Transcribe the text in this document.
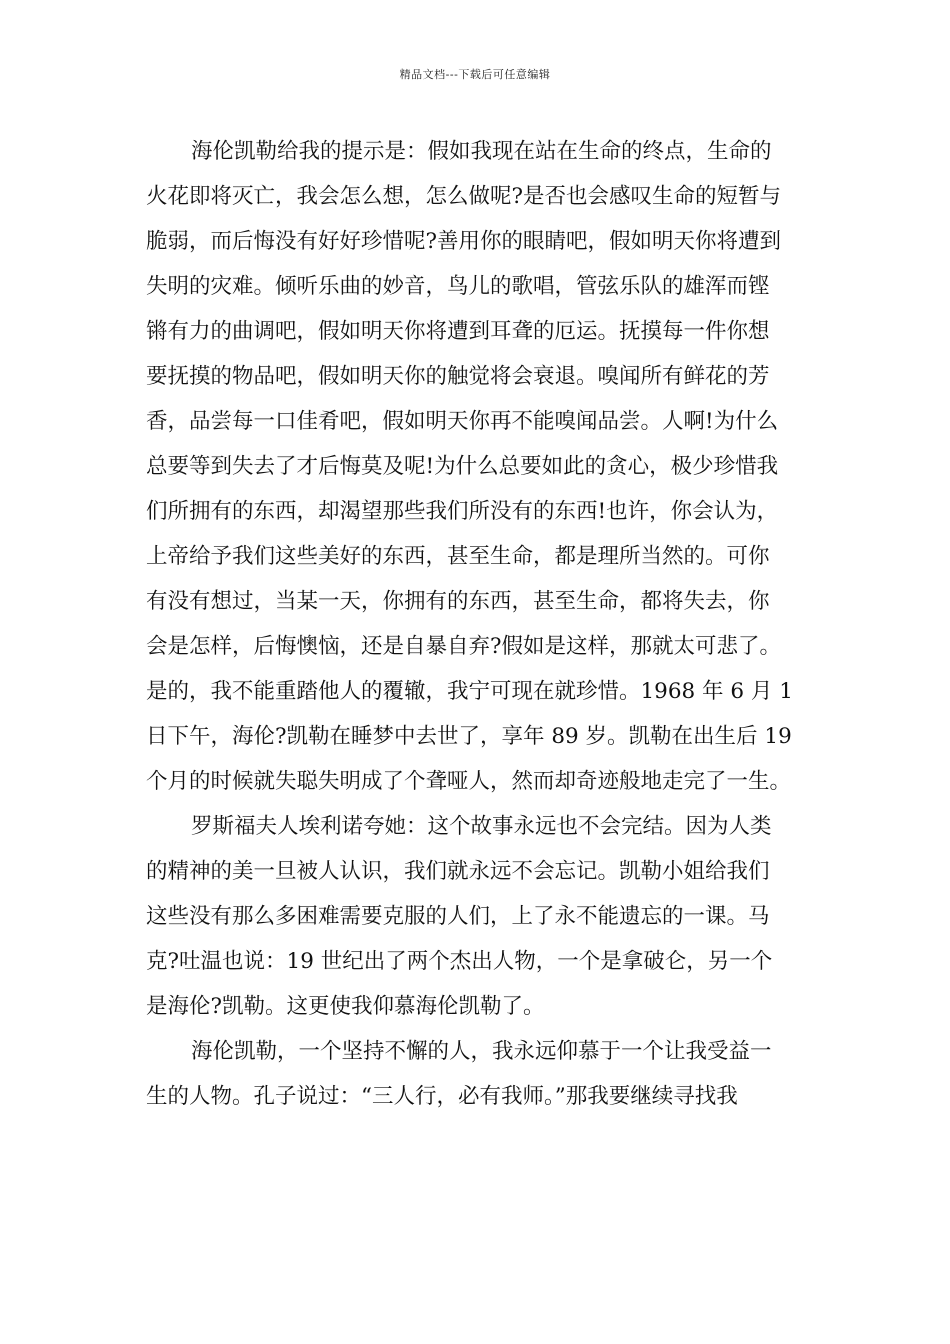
精品文档---下载后可任意编辑
海伦凯勒给我的提示是：假如我现在站在生命的终点，生命的
火花即将灭亡，我会怎么想，怎么做呢?是否也会感叹生命的短暂与
脆弱，而后悔没有好好珍惜呢?善用你的眼睛吧，假如明天你将遭到
失明的灾难。倾听乐曲的妙音，鸟儿的歌唱，管弦乐队的雄浑而铿
锵有力的曲调吧，假如明天你将遭到耳聋的厄运。抚摸每一件你想
要抚摸的物品吧，假如明天你的触觉将会衰退。嗅闻所有鲜花的芳
香，品尝每一口佳肴吧，假如明天你再不能嗅闻品尝。人啊!为什么
总要等到失去了才后悔莫及呢!为什么总要如此的贪心，极少珍惜我
们所拥有的东西，却渴望那些我们所没有的东西!也许，你会认为，
上帝给予我们这些美好的东西，甚至生命，都是理所当然的。可你
有没有想过，当某一天，你拥有的东西，甚至生命，都将失去，你
会是怎样，后悔懊恼，还是自暴自弃?假如是这样，那就太可悲了。
是的，我不能重踏他人的覆辙，我宁可现在就珍惜。1968 年 6 月 1
日下午，海伦?凯勒在睡梦中去世了，享年 89 岁。凯勒在出生后 19
个月的时候就失聪失明成了个聋哑人，然而却奇迹般地走完了一生。
罗斯福夫人埃利诺夸她：这个故事永远也不会完结。因为人类
的精神的美一旦被人认识，我们就永远不会忘记。凯勒小姐给我们
这些没有那么多困难需要克服的人们，上了永不能遗忘的一课。马
克?吐温也说：19 世纪出了两个杰出人物，一个是拿破仑，另一个
是海伦?凯勒。这更使我仰慕海伦凯勒了。
海伦凯勒，一个坚持不懈的人，我永远仰慕于一个让我受益一
生的人物。孔子说过：“三人行，必有我师。”那我要继续寻找我
